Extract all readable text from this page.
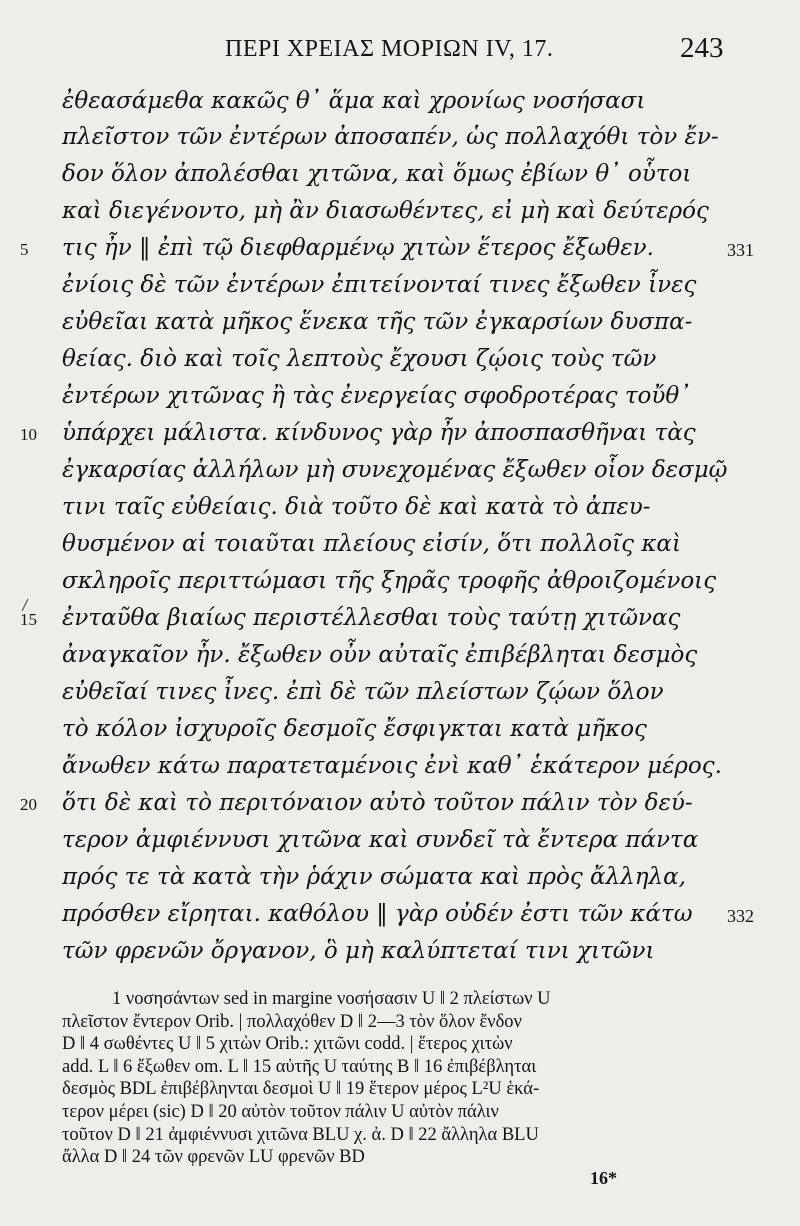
ΠΕΡΙ ΧΡΕΙΑΣ ΜΟΡΙΩΝ IV, 17.	243
ἐθεασάμεθα κακῶς θ᾽ ἅμα καὶ χρονίως νοσήσασι
πλεῖστον τῶν ἐντέρων ἀποσαπέν, ὡς πολλαχόθι τὸν ἔν-
δον ὅλον ἀπολέσθαι χιτῶνα, καὶ ὅμως ἐβίων θ᾽ οὗτοι
καὶ διεγένοντο, μὴ ἂν διασωθέντες, εἰ μὴ καὶ δεύτερός
τις ἦν ‖ ἐπὶ τῷ διεφθαρμένῳ χιτὼν ἕτερος ἔξωθεν.
ἐνίοις δὲ τῶν ἐντέρων ἐπιτείνονταί τινες ἔξωθεν ἶνες
εὐθεῖαι κατὰ μῆκος ἕνεκα τῆς τῶν ἐγκαρσίων δυσπα-
θείας. διὸ καὶ τοῖς λεπτοὺς ἔχουσι ζῴοις τοὺς τῶν
ἐντέρων χιτῶνας ἢ τὰς ἐνεργείας σφοδροτέρας τοὔθ᾽
ὑπάρχει μάλιστα. κίνδυνος γὰρ ἦν ἀποσπασθῆναι τὰς
ἐγκαρσίας ἀλλήλων μὴ συνεχομένας ἔξωθεν οἷον δεσμῷ
τινι ταῖς εὐθείαις. διὰ τοῦτο δὲ καὶ κατὰ τὸ ἀπευ-
θυσμένον αἱ τοιαῦται πλείους εἰσίν, ὅτι πολλοῖς καὶ
σκληροῖς περιττώμασι τῆς ξηρᾶς τροφῆς ἀθροιζομένοις
ἐνταῦθα βιαίως περιστέλλεσθαι τοὺς ταύτῃ χιτῶνας
ἀναγκαῖον ἦν. ἔξωθεν οὖν αὐταῖς ἐπιβέβληται δεσμὸς
εὐθεῖαί τινες ἶνες. ἐπὶ δὲ τῶν πλείστων ζῴων ὅλον
τὸ κόλον ἰσχυροῖς δεσμοῖς ἔσφιγκται κατὰ μῆκος
ἄνωθεν κάτω παρατεταμένοις ἐνὶ καθ᾽ ἑκάτερον μέρος.
ὅτι δὲ καὶ τὸ περιτόναιον αὐτὸ τοῦτον πάλιν τὸν δεύ-
τερον ἀμφιέννυσι χιτῶνα καὶ συνδεῖ τὰ ἔντερα πάντα
πρός τε τὰ κατὰ τὴν ῥάχιν σώματα καὶ πρὸς ἄλληλα,
πρόσθεν εἴρηται. καθόλου ‖ γὰρ οὐδέν ἐστι τῶν κάτω
τῶν φρενῶν ὄργανον, ὃ μὴ καλύπτεταί τινι χιτῶνι
5
10
15
20
331
332
1 νοσησάντων sed in margine νοσήσασιν U ‖ 2 πλείστων U
πλεῖστον ἔντερον Orib. | πολλαχόθεν D ‖ 2—3 τὸν ὅλον ἔνδον
D ‖ 4 σωθέντες U ‖ 5 χιτὼν Orib.: χιτῶνι codd. | ἕτερος χιτὼν
add. L ‖ 6 ἔξωθεν om. L ‖ 15 αὐτῆς U ταύτης B ‖ 16 ἐπιβέβληται
δεσμὸς BDL ἐπιβέβληνται δεσμοὶ U ‖ 19 ἕτερον μέρος L²U ἑκά-
τερον μέρει (sic) D ‖ 20 αὐτὸν τοῦτον πάλιν U αὐτὸν πάλιν
τοῦτον D ‖ 21 ἀμφιέννυσι χιτῶνα BLU χ. ἀ. D ‖ 22 ἄλληλα BLU
ἄλλα D ‖ 24 τῶν φρενῶν LU φρενῶν BD
16*
